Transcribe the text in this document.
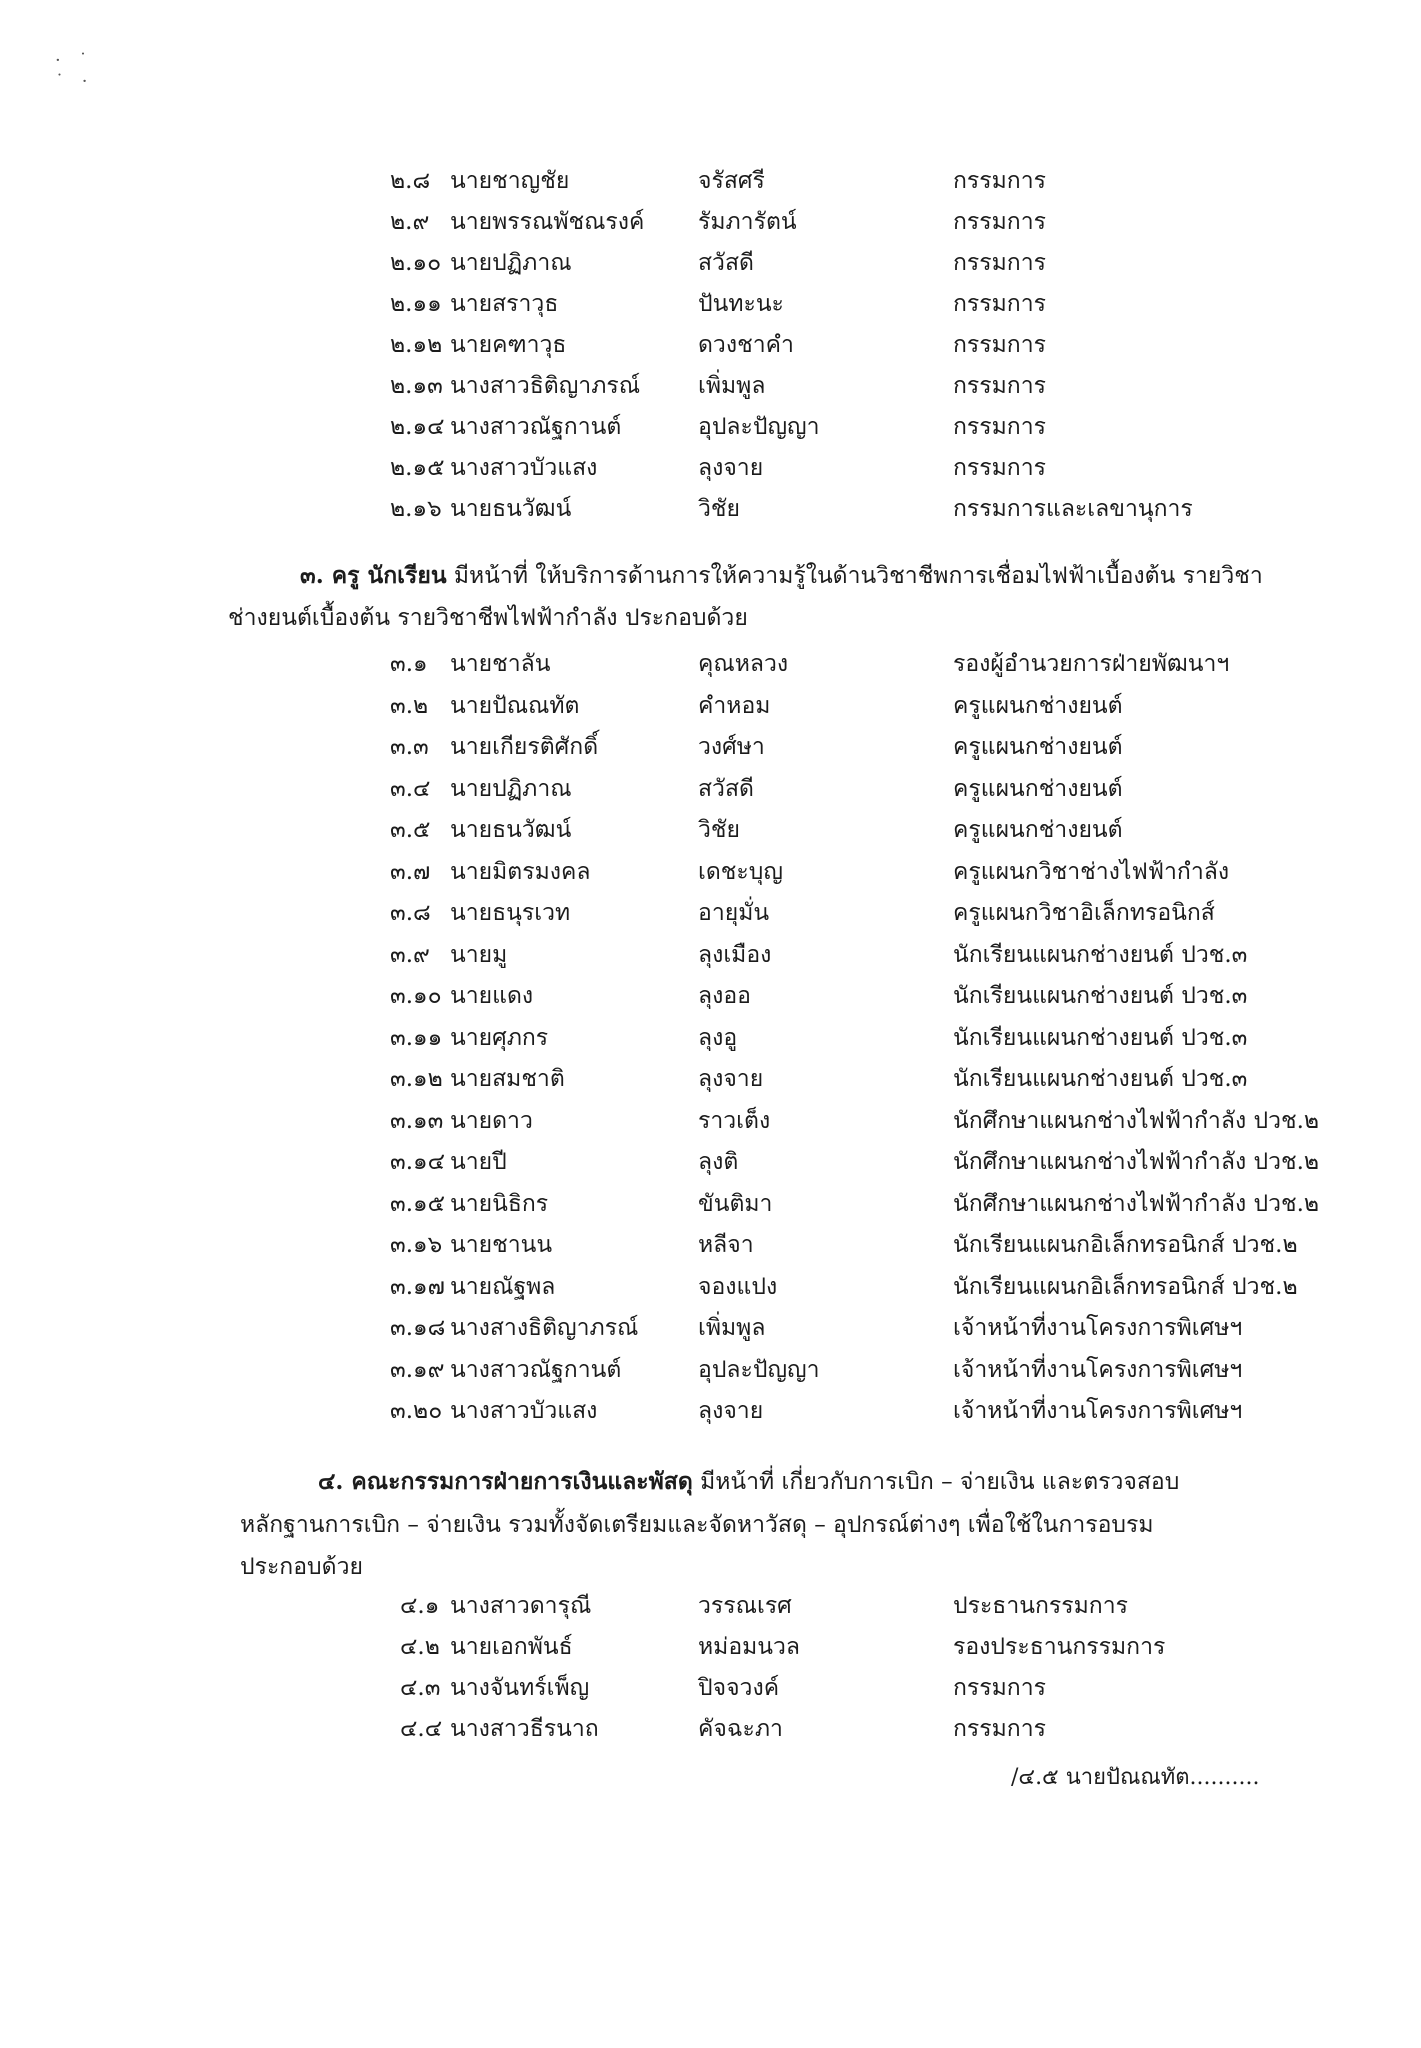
· ˙
˙ ·
๒.๘ นายชาญชัย	จรัสศรี	กรรมการ
๒.๙ นายพรรณพัชณรงค์ รัมภารัตน์	กรรมการ
๒.๑๐ นายปฏิภาณ	สวัสดี	กรรมการ
๒.๑๑ นายสราวุธ	ปันทะนะ	กรรมการ
๒.๑๒ นายคฑาวุธ	ดวงชาคำ	กรรมการ
๒.๑๓ นางสาวธิติญาภรณ์	เพิ่มพูล	กรรมการ
๒.๑๔ นางสาวณัฐกานต์	อุปละปัญญา	กรรมการ
๒.๑๕ นางสาวบัวแสง	ลุงจาย	กรรมการ
๒.๑๖ นายธนวัฒน์	วิชัย	กรรมการและเลขานุการ
๓. ครู นักเรียน มีหน้าที่ ให้บริการด้านการให้ความรู้ในด้านวิชาชีพการเชื่อมไฟฟ้าเบื้องต้น รายวิชา
ช่างยนต์เบื้องต้น รายวิชาชีพไฟฟ้ากำลัง ประกอบด้วย
๓.๑ นายชาลัน	คุณหลวง	รองผู้อำนวยการฝ่ายพัฒนาฯ
๓.๒ นายปัณณทัต	คำหอม	ครูแผนกช่างยนต์
๓.๓ นายเกียรติศักดิ์	วงศ์ษา	ครูแผนกช่างยนต์
๓.๔ นายปฏิภาณ	สวัสดี	ครูแผนกช่างยนต์
๓.๕ นายธนวัฒน์	วิชัย	ครูแผนกช่างยนต์
๓.๗ นายมิตรมงคล	เดชะบุญ	ครูแผนกวิชาช่างไฟฟ้ากำลัง
๓.๘ นายธนุรเวท	อายุมั่น	ครูแผนกวิชาอิเล็กทรอนิกส์
๓.๙ นายมู	ลุงเมือง	นักเรียนแผนกช่างยนต์ ปวช.๓
๓.๑๐ นายแดง	ลุงออ	นักเรียนแผนกช่างยนต์ ปวช.๓
๓.๑๑ นายศุภกร	ลุงอู	นักเรียนแผนกช่างยนต์ ปวช.๓
๓.๑๒ นายสมชาติ	ลุงจาย	นักเรียนแผนกช่างยนต์ ปวช.๓
๓.๑๓ นายดาว	ราวเต็ง	นักศึกษาแผนกช่างไฟฟ้ากำลัง ปวช.๒
๓.๑๔ นายปี	ลุงติ	นักศึกษาแผนกช่างไฟฟ้ากำลัง ปวช.๒
๓.๑๕ นายนิธิกร	ขันติมา	นักศึกษาแผนกช่างไฟฟ้ากำลัง ปวช.๒
๓.๑๖ นายชานน	หลีจา	นักเรียนแผนกอิเล็กทรอนิกส์ ปวช.๒
๓.๑๗ นายณัฐพล	จองแปง	นักเรียนแผนกอิเล็กทรอนิกส์ ปวช.๒
๓.๑๘ นางสางธิติญาภรณ์	เพิ่มพูล	เจ้าหน้าที่งานโครงการพิเศษฯ
๓.๑๙ นางสาวณัฐกานต์	อุปละปัญญา	เจ้าหน้าที่งานโครงการพิเศษฯ
๓.๒๐ นางสาวบัวแสง	ลุงจาย	เจ้าหน้าที่งานโครงการพิเศษฯ
๔. คณะกรรมการฝ่ายการเงินและพัสดุ มีหน้าที่ เกี่ยวกับการเบิก – จ่ายเงิน และตรวจสอบ
หลักฐานการเบิก – จ่ายเงิน รวมทั้งจัดเตรียมและจัดหาวัสดุ – อุปกรณ์ต่างๆ เพื่อใช้ในการอบรม
ประกอบด้วย
๔.๑ นางสาวดารุณี	วรรณเรศ	ประธานกรรมการ
๔.๒ นายเอกพันธ์	หม่อมนวล	รองประธานกรรมการ
๔.๓ นางจันทร์เพ็ญ	ปิจจวงค์	กรรมการ
๔.๔ นางสาวธีรนาถ	คัจฉะภา	กรรมการ
/๔.๕ นายปัณณทัต..........
